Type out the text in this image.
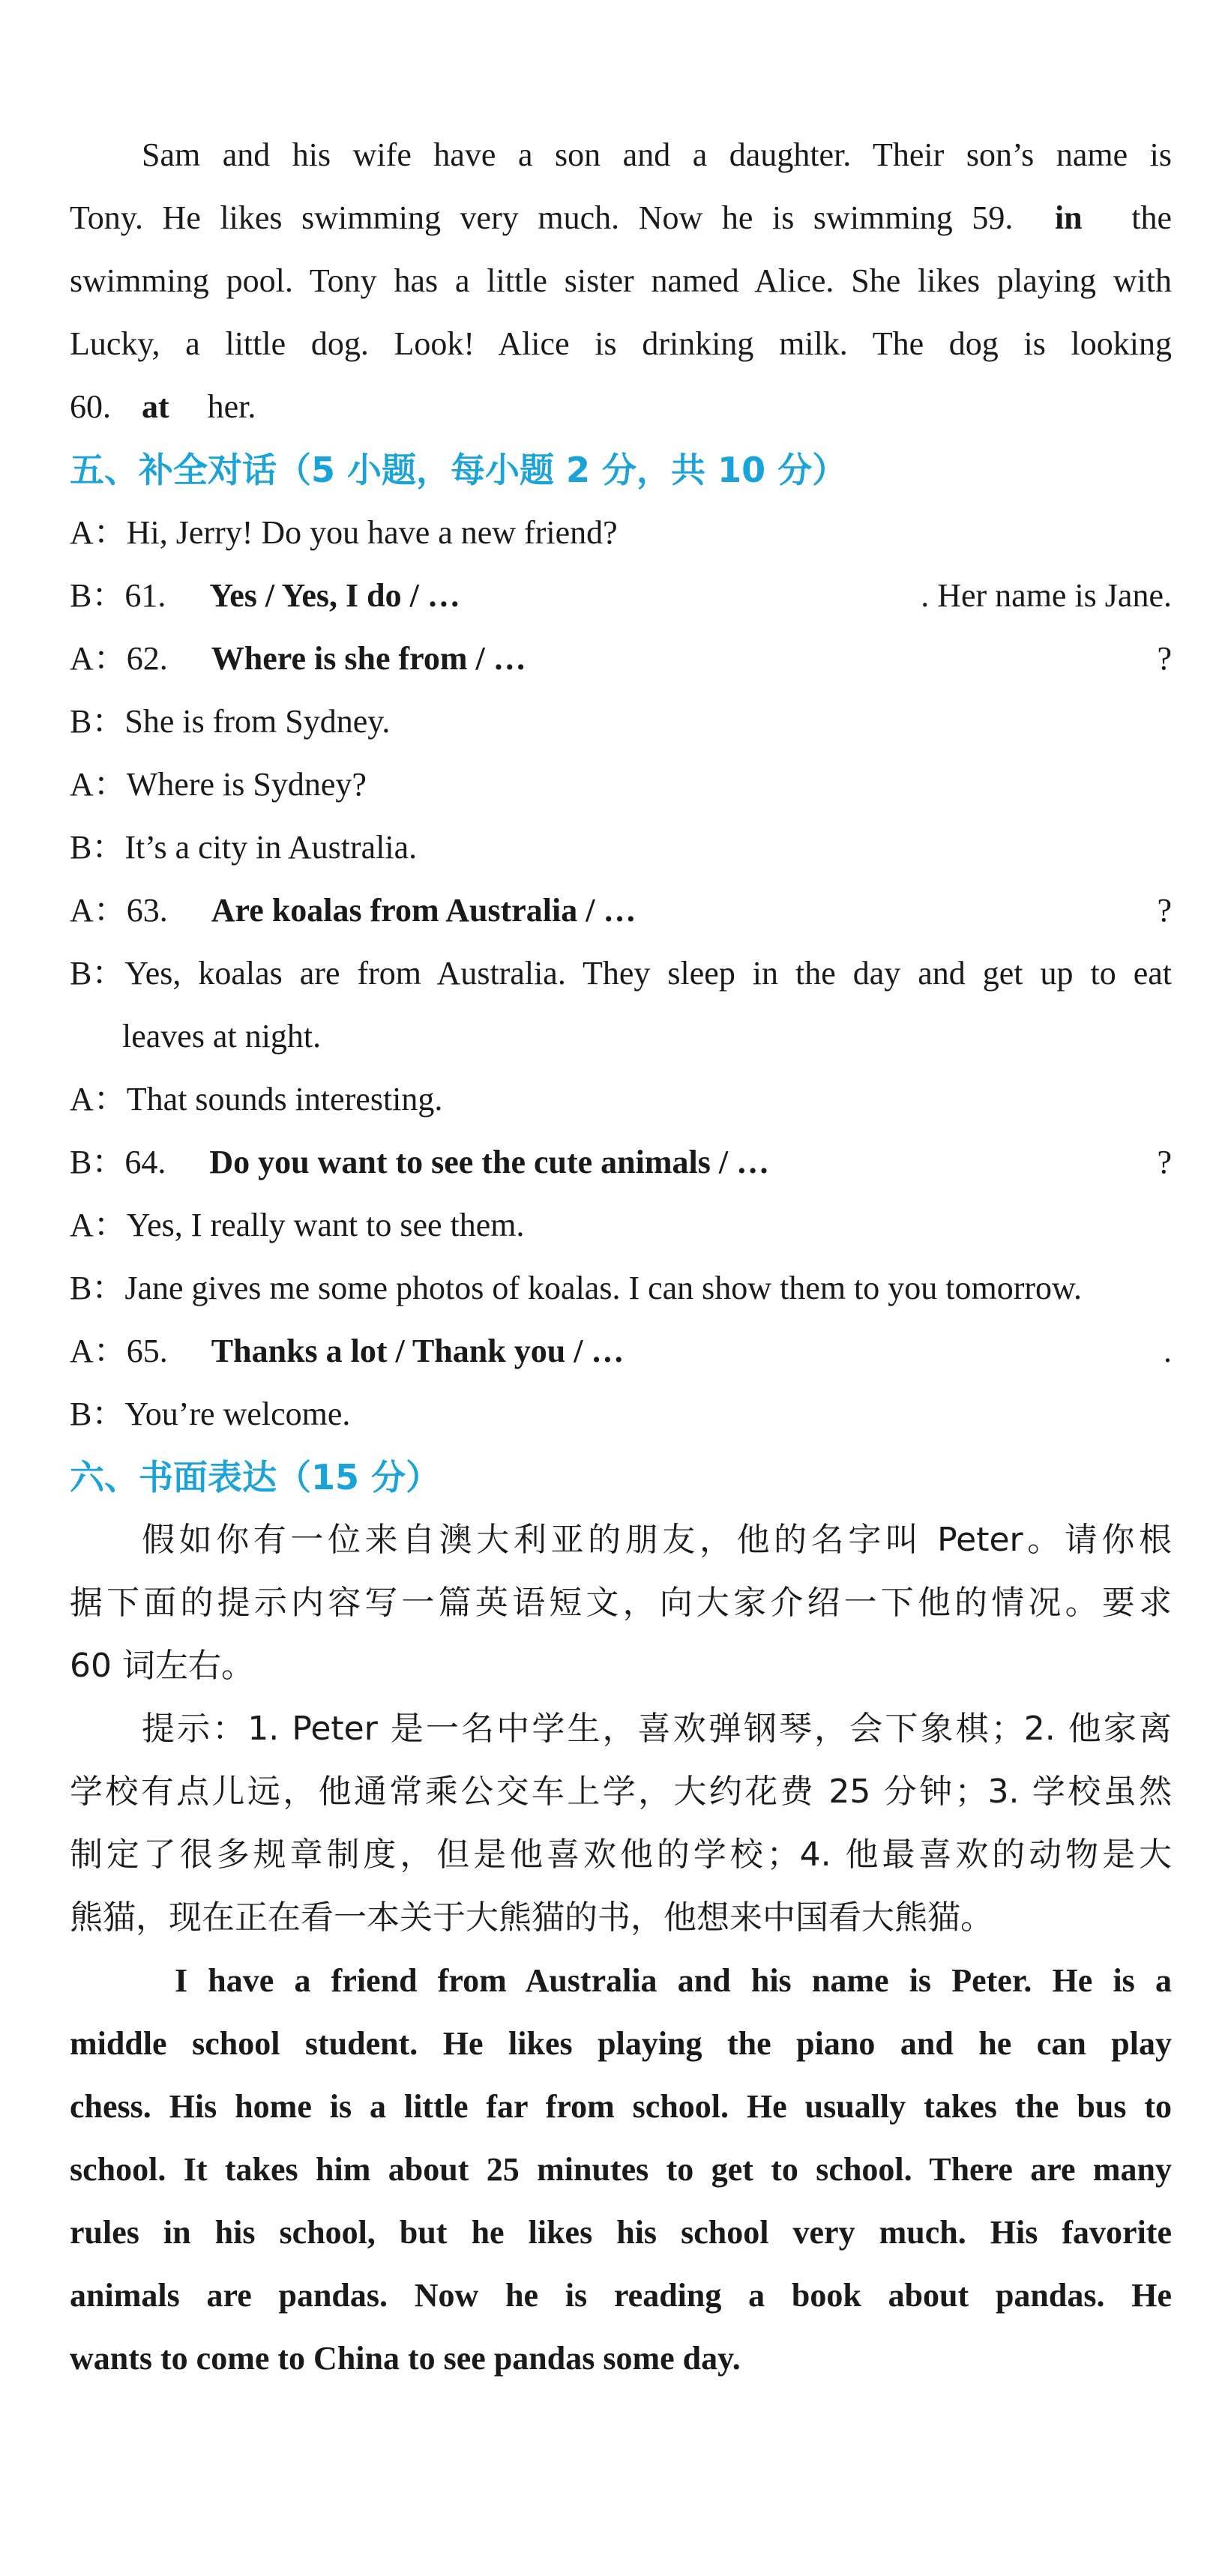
Sam and his wife have a son and a daughter. Their son’s name is

Tony. He likes swimming very much. Now he is swimming 59. in the

swimming pool. Tony has a little sister named Alice. She likes playing with

Lucky, a little dog. Look! Alice is drinking milk. The dog is looking

60. at her.

五、补全对话（5 小题，每小题 2 分，共 10 分）

A：Hi, Jerry! Do you have a new friend?

B：61. Yes / Yes, I do / …	. Her name is Jane.

A：62. Where is she from / …	?

B：She is from Sydney.

A：Where is Sydney?

B：It’s a city in Australia.

A：63. Are koalas from Australia / …	?

B： Yes, koalas are from Australia. They sleep in the day and get up to eat

leaves at night.

A：That sounds interesting.

B：64. Do you want to see the cute animals / …	?

A：Yes, I really want to see them.

B：Jane gives me some photos of koalas. I can show them to you tomorrow.

A：65. Thanks a lot / Thank you / …	.

B：You’re welcome.

六、书面表达（15 分）

假如你有一位来自澳大利亚的朋友，他的名字叫 Peter。请你根

据下面的提示内容写一篇英语短文，向大家介绍一下他的情况。要求

60 词左右。

提示：1. Peter 是一名中学生，喜欢弹钢琴，会下象棋；2. 他家离

学校有点儿远，他通常乘公交车上学，大约花费 25 分钟；3. 学校虽然

制定了很多规章制度，但是他喜欢他的学校；4. 他最喜欢的动物是大

熊猫，现在正在看一本关于大熊猫的书，他想来中国看大熊猫。

I have a friend from Australia and his name is Peter. He is a

middle school student. He likes playing the piano and he can play

chess. His home is a little far from school. He usually takes the bus to

school. It takes him about 25 minutes to get to school. There are many

rules in his school, but he likes his school very much. His favorite

animals are pandas. Now he is reading a book about pandas. He

wants to come to China to see pandas some day.
